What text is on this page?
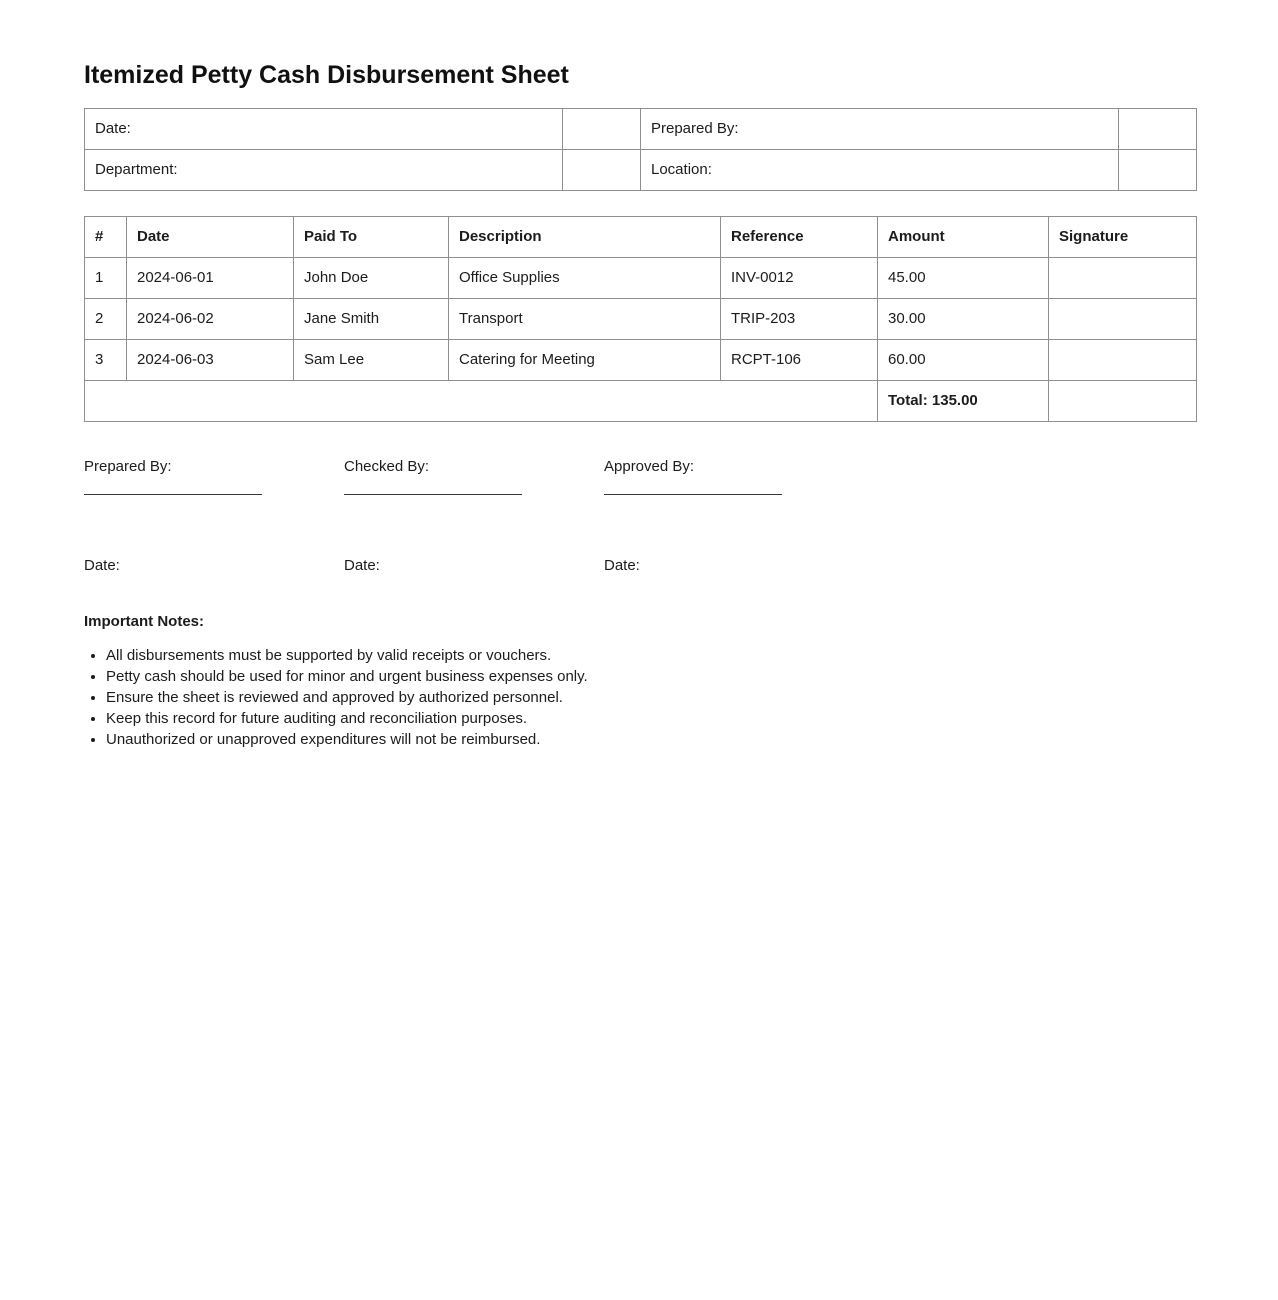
Itemized Petty Cash Disbursement Sheet
Date:		Prepared By:	
Department:		Location:	
#	Date	Paid To	Description	Reference	Amount	Signature
1	2024-06-01	John Doe	Office Supplies	INV-0012	45.00	
2	2024-06-02	Jane Smith	Transport	TRIP-203	30.00	
3	2024-06-03	Sam Lee	Catering for Meeting	RCPT-106	60.00	
					Total: 135.00	
Prepared By:
Date:
Checked By:
Date:
Approved By:
Date:

Important Notes:

• All disbursements must be supported by valid receipts or vouchers.
• Petty cash should be used for minor and urgent business expenses only.
• Ensure the sheet is reviewed and approved by authorized personnel.
• Keep this record for future auditing and reconciliation purposes.
• Unauthorized or unapproved expenditures will not be reimbursed.
